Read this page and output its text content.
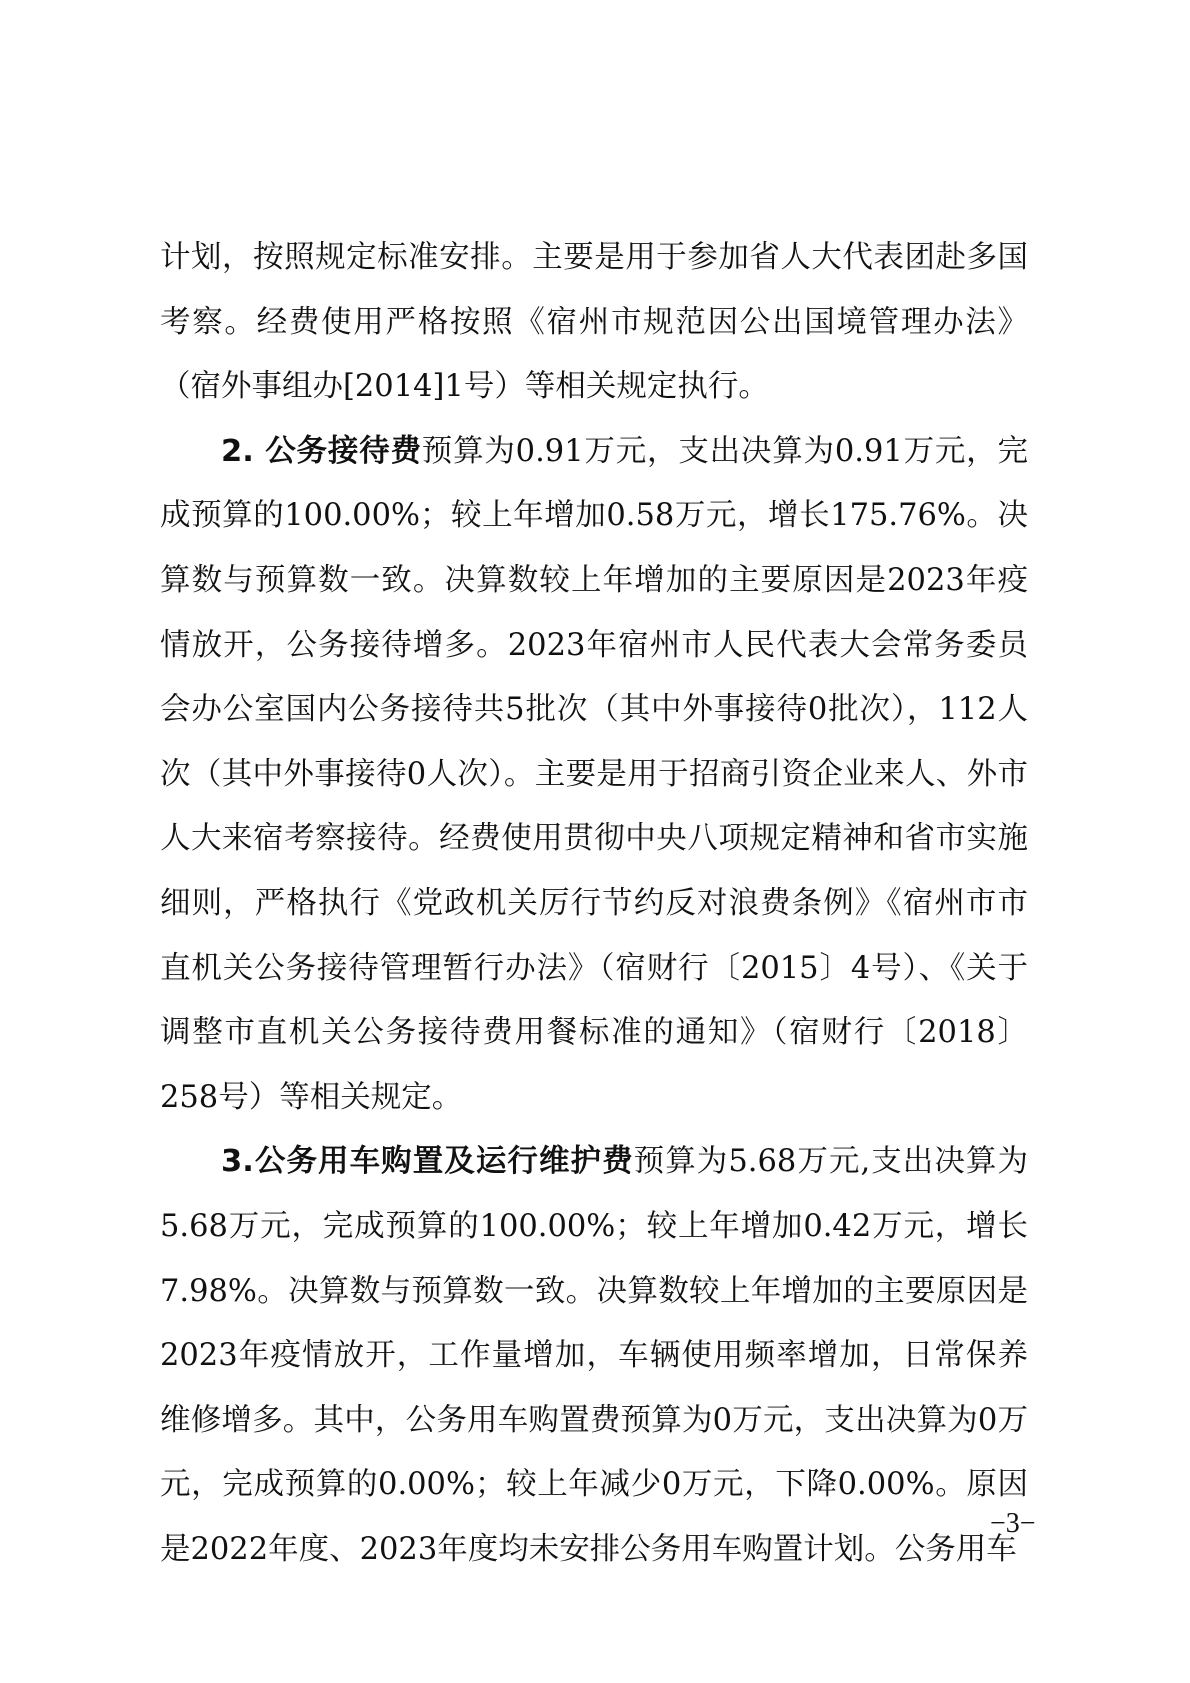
计划，按照规定标准安排。主要是用于参加省人大代表团赴多国考察。经费使用严格按照《宿州市规范因公出国境管理办法》（宿外事组办[2014]1号）等相关规定执行。

2. 公务接待费预算为0.91万元，支出决算为0.91万元，完成预算的100.00%；较上年增加0.58万元，增长175.76%。决算数与预算数一致。决算数较上年增加的主要原因是2023年疫情放开，公务接待增多。2023年宿州市人民代表大会常务委员会办公室国内公务接待共5批次（其中外事接待0批次），112人次（其中外事接待0人次）。主要是用于招商引资企业来人、外市人大来宿考察接待。经费使用贯彻中央八项规定精神和省市实施细则，严格执行《党政机关厉行节约反对浪费条例》《宿州市市直机关公务接待管理暂行办法》（宿财行〔2015〕4号）、《关于调整市直机关公务接待费用餐标准的通知》（宿财行〔2018〕258号）等相关规定。

3.公务用车购置及运行维护费预算为5.68万元,支出决算为5.68万元，完成预算的100.00%；较上年增加0.42万元，增长7.98%。决算数与预算数一致。决算数较上年增加的主要原因是2023年疫情放开，工作量增加，车辆使用频率增加，日常保养维修增多。其中，公务用车购置费预算为0万元，支出决算为0万元，完成预算的0.00%；较上年减少0万元，下降0.00%。原因是2022年度、2023年度均未安排公务用车购置计划。公务用车

−3−
